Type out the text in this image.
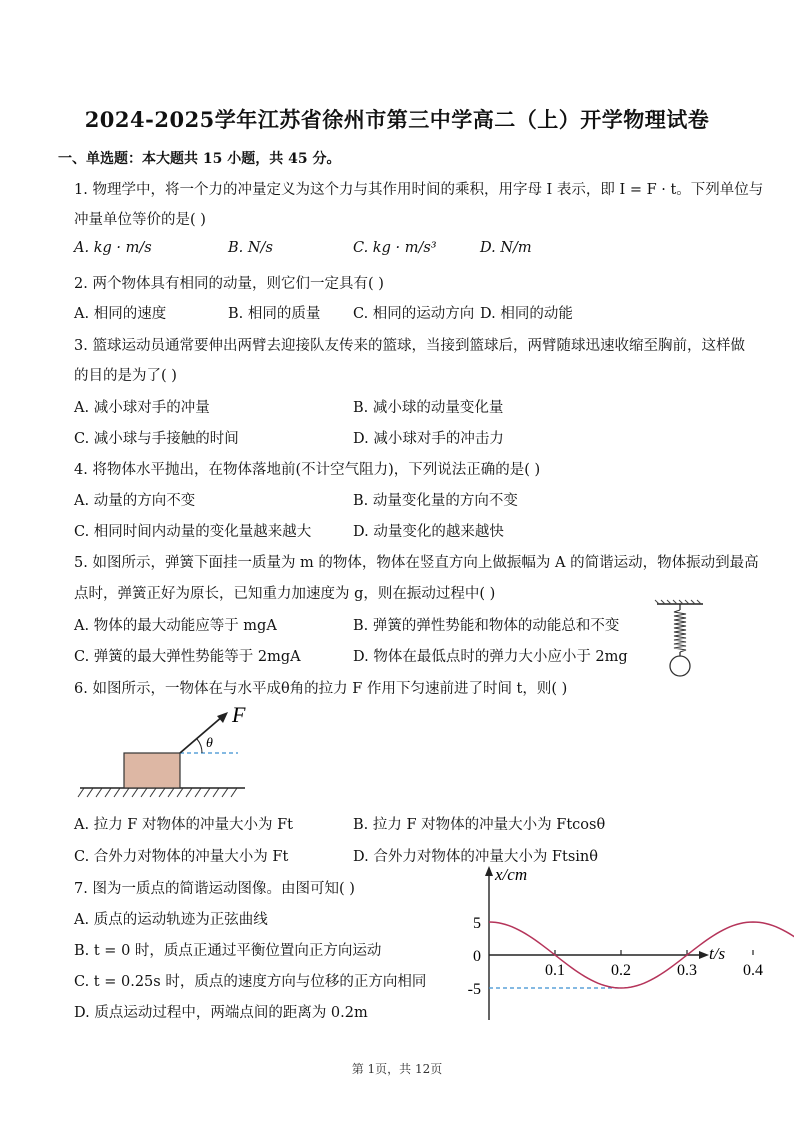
2024-2025学年江苏省徐州市第三中学高二（上）开学物理试卷
一、单选题：本大题共 15 小题，共 45 分。
1. 物理学中，将一个力的冲量定义为这个力与其作用时间的乘积，用字母 I 表示，即 I = F · t。下列单位与
冲量单位等价的是( )
A. kg · m/s	B. N/s	C. kg · m/s³	D. N/m
2. 两个物体具有相同的动量，则它们一定具有( )
A. 相同的速度	B. 相同的质量 C. 相同的运动方向 D. 相同的动能
3. 篮球运动员通常要伸出两臂去迎接队友传来的篮球，当接到篮球后，两臂随球迅速收缩至胸前，这样做
的目的是为了( )
A. 减小球对手的冲量	B. 减小球的动量变化量
C. 减小球与手接触的时间	D. 减小球对手的冲击力
4. 将物体水平抛出，在物体落地前(不计空气阻力)，下列说法正确的是( )
A. 动量的方向不变	B. 动量变化量的方向不变
C. 相同时间内动量的变化量越来越大	D. 动量变化的越来越快
5. 如图所示，弹簧下面挂一质量为 m 的物体，物体在竖直方向上做振幅为 A 的简谐运动，物体振动到最高
点时，弹簧正好为原长，已知重力加速度为 g，则在振动过程中( )
A. 物体的最大动能应等于 mgA	B. 弹簧的弹性势能和物体的动能总和不变
C. 弹簧的最大弹性势能等于 2mgA	D. 物体在最低点时的弹力大小应小于 2mg
6. 如图所示，一物体在与水平成θ角的拉力 F 作用下匀速前进了时间 t，则( )
F
θ
A. 拉力 F 对物体的冲量大小为 Ft	B. 拉力 F 对物体的冲量大小为 Ftcosθ
C. 合外力对物体的冲量大小为 Ft	D. 合外力对物体的冲量大小为 Ftsinθ
7. 图为一质点的简谐运动图像。由图可知( )
A. 质点的运动轨迹为正弦曲线
B. t = 0 时，质点正通过平衡位置向正方向运动
C. t = 0.25s 时，质点的速度方向与位移的正方向相同
D. 质点运动过程中，两端点间的距离为 0.2m
0.1	0.2	0.3	0.4
5
0
-5
x/cm
t/s
第 1页，共 12页
